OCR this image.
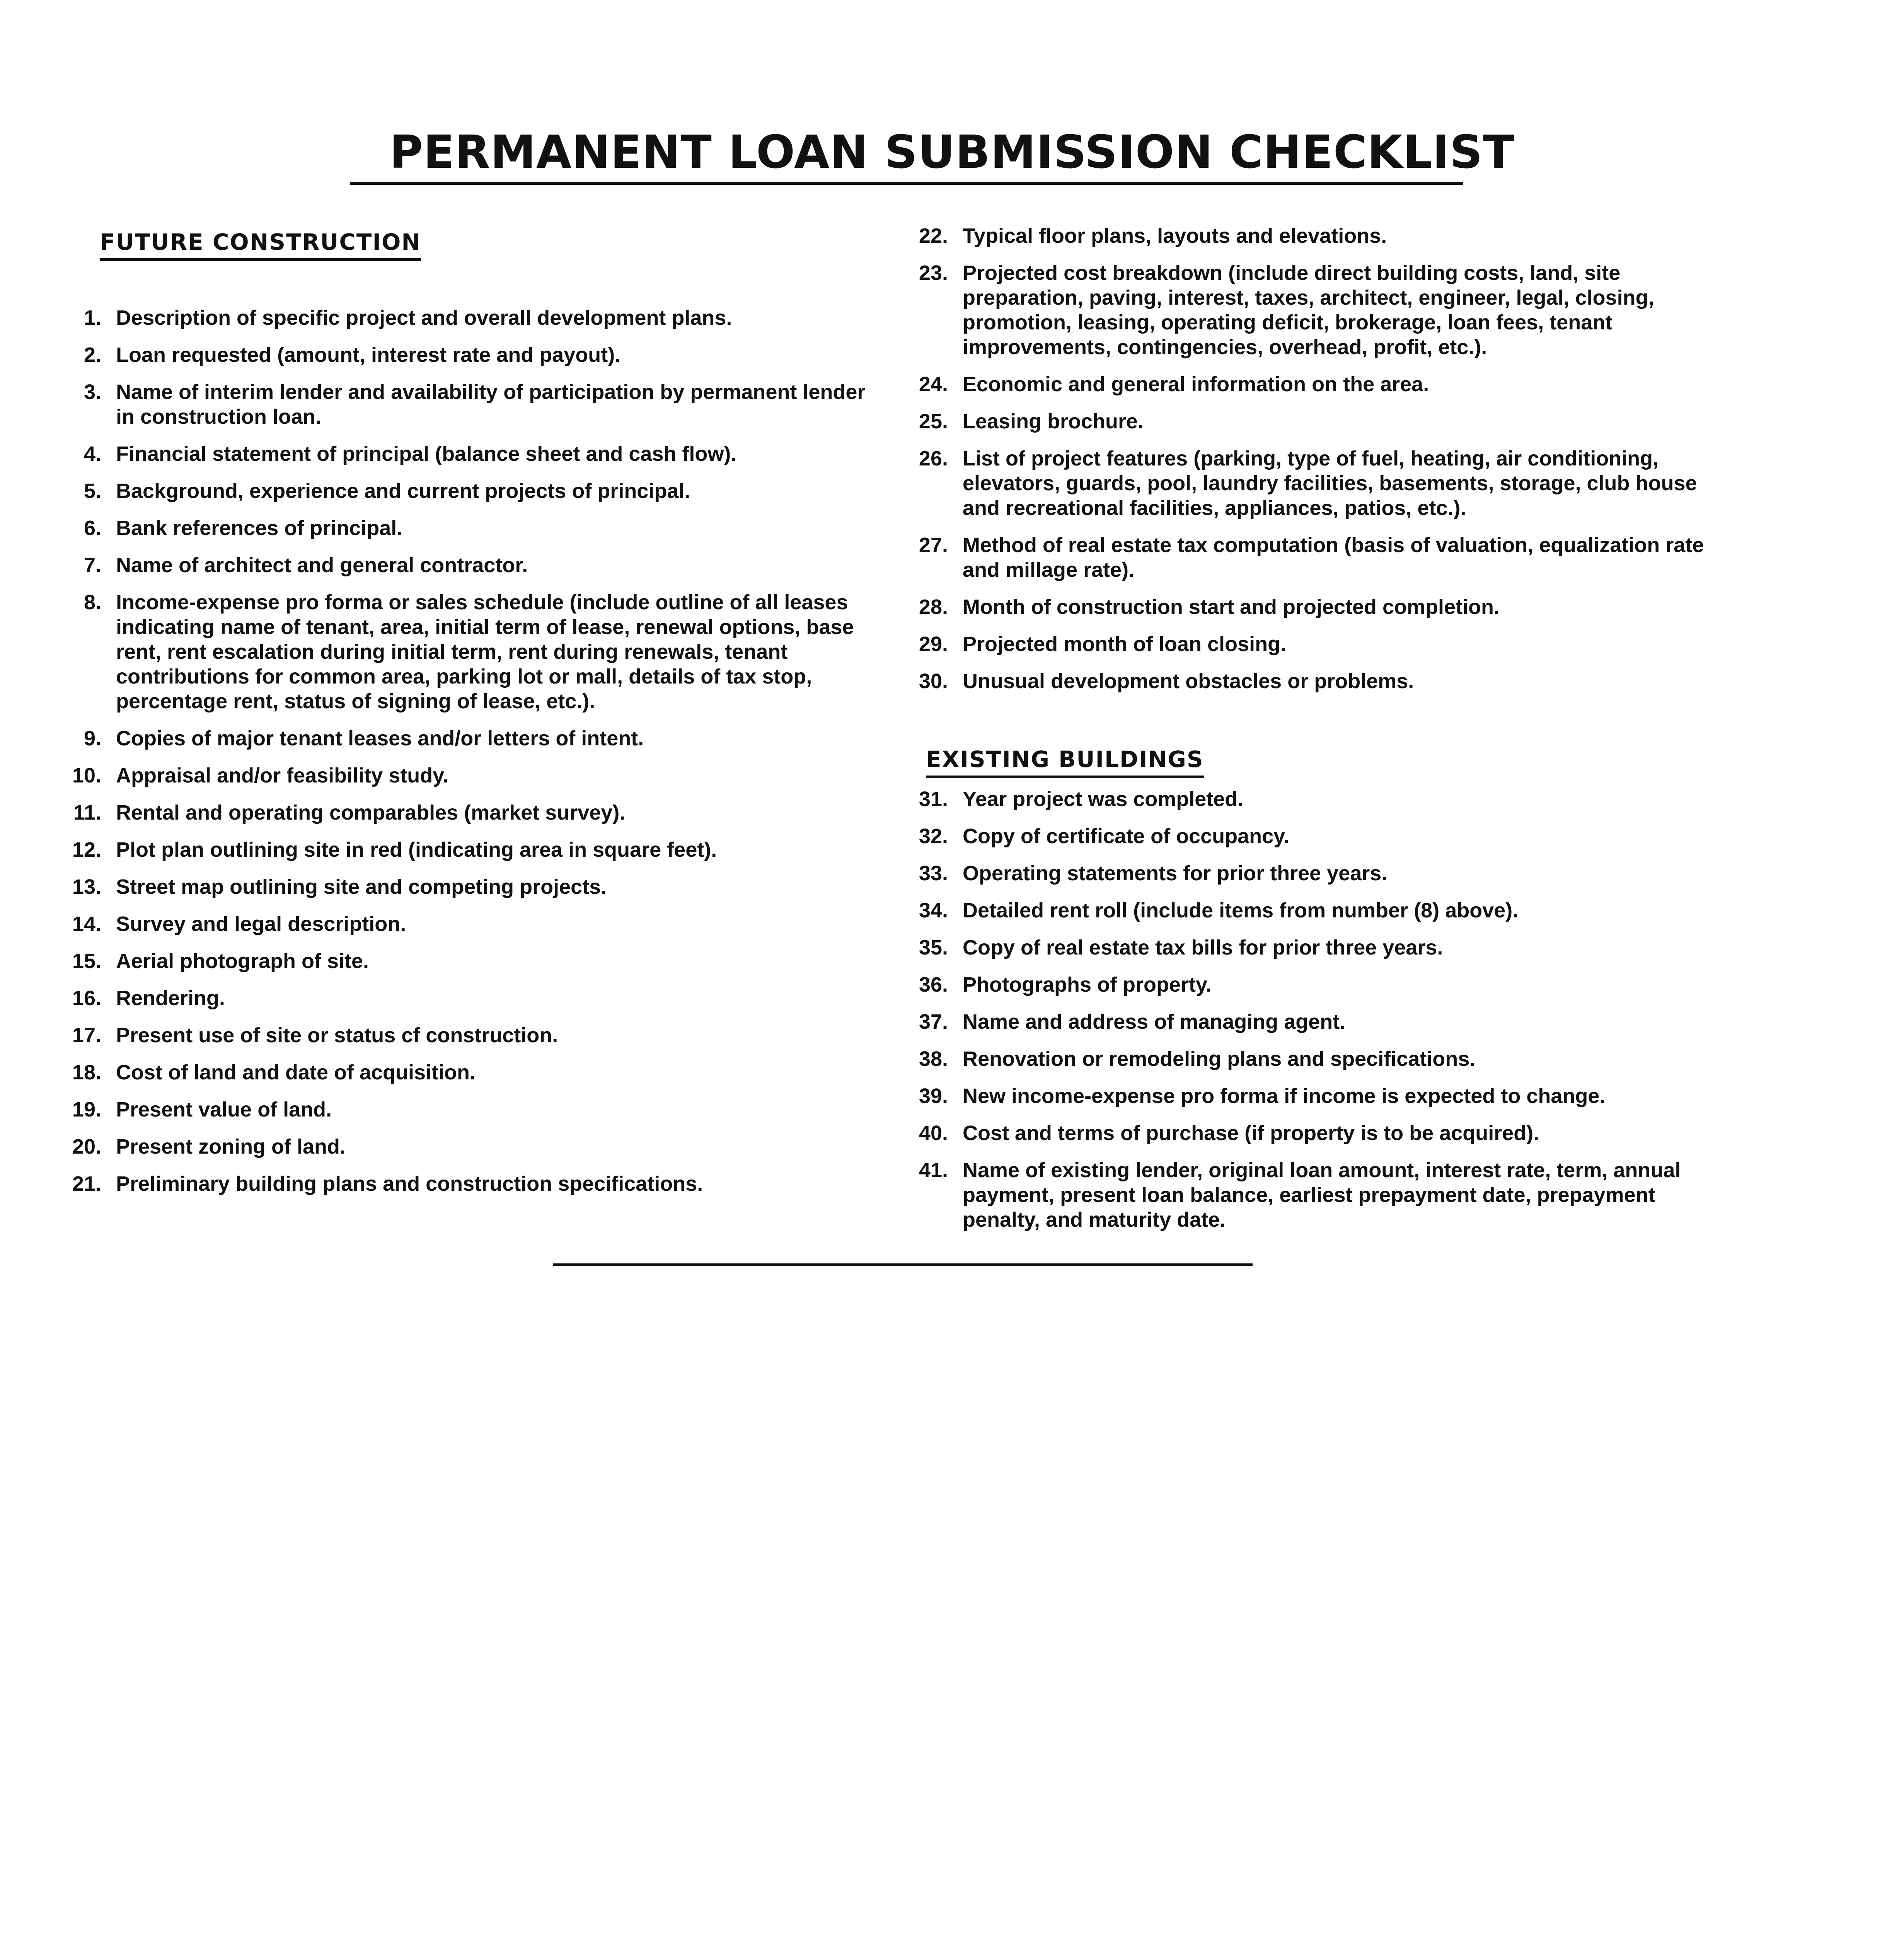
PERMANENT LOAN SUBMISSION CHECKLIST
FUTURE CONSTRUCTION
1. Description of specific project and overall development plans.
2. Loan requested (amount, interest rate and payout).
3. Name of interim lender and availability of participation by permanent lender in construction loan.
4. Financial statement of principal (balance sheet and cash flow).
5. Background, experience and current projects of principal.
6. Bank references of principal.
7. Name of architect and general contractor.
8. Income-expense pro forma or sales schedule (include outline of all leases indicating name of tenant, area, initial term of lease, renewal options, base rent, rent escalation during initial term, rent during renewals, tenant contributions for common area, parking lot or mall, details of tax stop, percentage rent, status of signing of lease, etc.).
9. Copies of major tenant leases and/or letters of intent.
10. Appraisal and/or feasibility study.
11. Rental and operating comparables (market survey).
12. Plot plan outlining site in red (indicating area in square feet).
13. Street map outlining site and competing projects.
14. Survey and legal description.
15. Aerial photograph of site.
16. Rendering.
17. Present use of site or status cf construction.
18. Cost of land and date of acquisition.
19. Present value of land.
20. Present zoning of land.
21. Preliminary building plans and construction specifications.
22. Typical floor plans, layouts and elevations.
23. Projected cost breakdown (include direct building costs, land, site preparation, paving, interest, taxes, architect, engineer, legal, closing, promotion, leasing, operating deficit, brokerage, loan fees, tenant improvements, contingencies, overhead, profit, etc.).
24. Economic and general information on the area.
25. Leasing brochure.
26. List of project features (parking, type of fuel, heating, air conditioning, elevators, guards, pool, laundry facilities, basements, storage, club house and recreational facilities, appliances, patios, etc.).
27. Method of real estate tax computation (basis of valuation, equalization rate and millage rate).
28. Month of construction start and projected completion.
29. Projected month of loan closing.
30. Unusual development obstacles or problems.
EXISTING BUILDINGS
31. Year project was completed.
32. Copy of certificate of occupancy.
33. Operating statements for prior three years.
34. Detailed rent roll (include items from number (8) above).
35. Copy of real estate tax bills for prior three years.
36. Photographs of property.
37. Name and address of managing agent.
38. Renovation or remodeling plans and specifications.
39. New income-expense pro forma if income is expected to change.
40. Cost and terms of purchase (if property is to be acquired).
41. Name of existing lender, original loan amount, interest rate, term, annual payment, present loan balance, earliest prepayment date, prepayment penalty, and maturity date.
